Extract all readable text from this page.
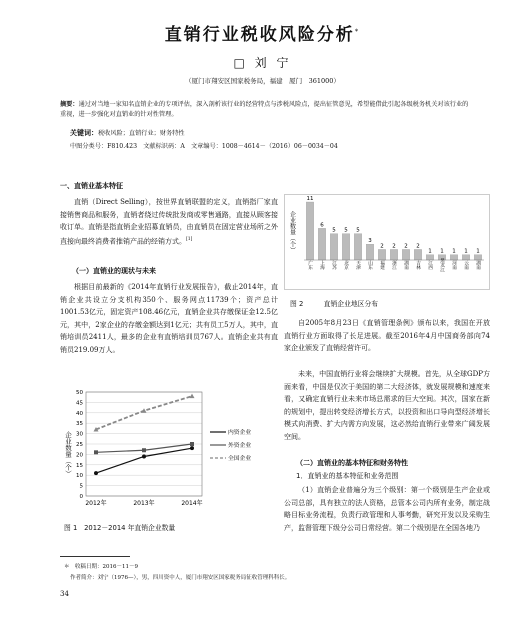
直销行业税收风险分析*
□ 刘 宁
（厦门市翔安区国家税务局，福建　厦门　361000）
摘要：通过对当地一家知名直销企业的专项评估，深入剖析该行业的经营特点与涉税风险点，提出征管意见，希望能借此引起各级税务机关对该行业的重视，进一步强化对直销业的针对性管理。
关键词：税收风险；直销行业；财务特性
中图分类号：F810.423　文献标识码：A　文章编号：1008－4614－（2016）06－0034－04
一、直销业基本特征
直销（Direct Selling），按世界直销联盟的定义，直销指厂家直接销售商品和服务，直销者绕过传统批发商或零售通路，直接从顾客接收订单。直销是指直销企业招募直销员，由直销员在固定营业场所之外直接向最终消费者推销产品的经销方式。[1]
（一）直销业的现状与未来
根据目前最新的《2014年直销行业发展报告》，截止2014年，直销企业共设立分支机构350个、服务网点11739个；资产总计1001.53亿元，固定资产108.46亿元，直销企业共存缴保证金12.5亿元，其中，2家企业的存缴金额达到1亿元；共有员工5万人，其中，直销培训员2411人，最多的企业有直销培训员767人。直销企业共有直销员219.09万人。
0
5
10
15
20
25
30
35
40
45
50
2012年	2013年	2014年
内资企业
外资企业
全国企业
企业数量（个）
图 1　2012－2014 年直销企业数量
11
广东
6
上海
5
江苏
5
北京
5
天津
3
山东
2
福建
2
浙江
2
湖南
2
吉林
1
江西
1
黑龙江
1
河南
1
云南
1
湖南
企业数量（个）
图 2　　　直销企业地区分布
自2005年8月23日《直销管理条例》颁布以来，我国在开放直销行业方面取得了长足进展。截至2016年4月中国商务部向74家企业颁发了直销经营许可。
未来，中国直销行业将会继续扩大规模。首先，从全球GDP方面来看，中国是仅次于美国的第二大经济体，就发展规模和速度来看，又确定直销行业未来市场总需求的巨大空间。其次，国家在新的规划中，提出转变经济增长方式，以投资和出口导向型经济增长模式向消费、扩大内需方向发展，这必然给直销行业带来广阔发展空间。
（二）直销业的基本特征和财务特性
1．直销业的基本特征和业务范围
（1）直销企业普遍分为三个级别：第一个级别是生产企业或公司总部，具有独立的法人资格，总管本公司内所有业务，制定战略目标业务流程，负责行政管理和人事考勤，研究开发以及采购生产，监督管理下级分公司日常经营。第二个级别是在全国各地乃
＊　收稿日期：2016－11－9
作者简介：刘宁（1976—），男，四川资中人，厦门市翔安区国家税务局征收管理科科长。
34
